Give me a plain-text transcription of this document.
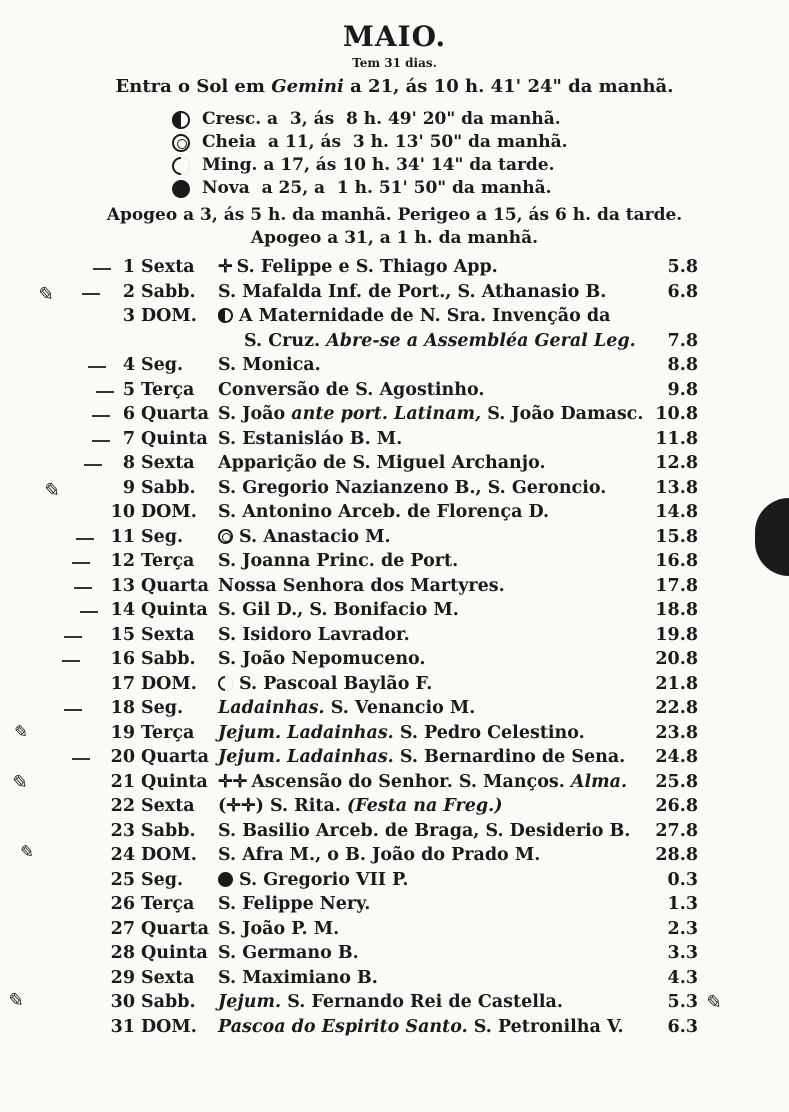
MAIO.
Tem 31 dias.
Entra o Sol em Gemini a 21, ás 10 h. 41' 24" da manhã.
Cresc. a  3, ás  8 h. 49' 20" da manhã.
Cheia  a 11, ás  3 h. 13' 50" da manhã.
Ming. a 17, ás 10 h. 34' 14" da tarde.
Nova  a 25, a  1 h. 51' 50" da manhã.
Apogeo a 3, ás 5 h. da manhã. Perigeo a 15, ás 6 h. da tarde.
Apogeo a 31, a 1 h. da manhã.
1 Sexta ✛ S. Felippe e S. Thiago App.	5.8
2 Sabb. S. Mafalda Inf. de Port., S. Athanasio B.	6.8
3 DOM.	A Maternidade de N. Sra. Invenção da
S. Cruz. Abre-se a Assembléa Geral Leg.	7.8
4 Seg. S. Monica.	8.8
5 Terça Conversão de S. Agostinho.	9.8
6 Quarta S. João ante port. Latinam, S. João Damasc. 10.8
7 Quinta S. Estanisláo B. M.	11.8
8 Sexta Apparição de S. Miguel Archanjo.	12.8
9 Sabb. S. Gregorio Nazianzeno B., S. Geroncio.	13.8
10 DOM. S. Antonino Arceb. de Florença D.	14.8
11 Seg.	S. Anastacio M.	15.8
12 Terça S. Joanna Princ. de Port.	16.8
13 Quarta Nossa Senhora dos Martyres.	17.8
14 Quinta S. Gil D., S. Bonifacio M.	18.8
15 Sexta S. Isidoro Lavrador.	19.8
16 Sabb. S. João Nepomuceno.	20.8
17 DOM.	S. Pascoal Baylão F.	21.8
18 Seg. Ladainhas. S. Venancio M.	22.8
19 Terça Jejum. Ladainhas. S. Pedro Celestino.	23.8
20 Quarta Jejum. Ladainhas. S. Bernardino de Sena.	24.8
21 Quinta ✛✛ Ascensão do Senhor. S. Manços. Alma.	25.8
22 Sexta (✛✛) S. Rita. (Festa na Freg.)	26.8
23 Sabb. S. Basilio Arceb. de Braga, S. Desiderio B.	27.8
24 DOM. S. Afra M., o B. João do Prado M.	28.8
25 Seg.	S. Gregorio VII P.	0.3
26 Terça S. Felippe Nery.	1.3
27 Quarta S. João P. M.	2.3
28 Quinta S. Germano B.	3.3
29 Sexta S. Maximiano B.	4.3
30 Sabb. Jejum. S. Fernando Rei de Castella.	5.3
31 DOM. Pascoa do Espirito Santo. S. Petronilha V.	6.3
✎
✎
✎
✎
✎
✎	✎
